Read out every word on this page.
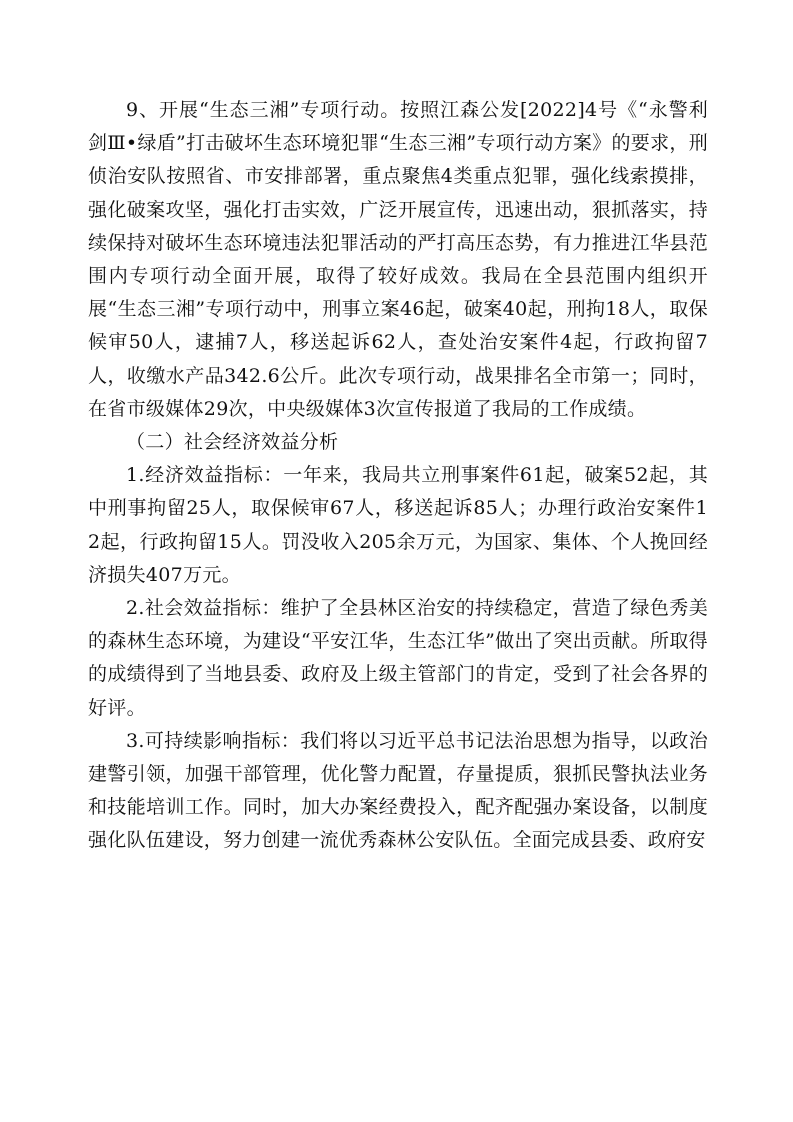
9、开展“生态三湘”专项行动。按照江森公发[2022]4号《“永警利剑Ⅲ•绿盾”打击破坏生态环境犯罪“生态三湘”专项行动方案》的要求，刑侦治安队按照省、市安排部署，重点聚焦4类重点犯罪，强化线索摸排，强化破案攻坚，强化打击实效，广泛开展宣传，迅速出动，狠抓落实，持续保持对破坏生态环境违法犯罪活动的严打高压态势，有力推进江华县范围内专项行动全面开展，取得了较好成效。我局在全县范围内组织开展“生态三湘”专项行动中，刑事立案46起，破案40起，刑拘18人，取保候审50人，逮捕7人，移送起诉62人，查处治安案件4起，行政拘留7人，收缴水产品342.6公斤。此次专项行动，战果排名全市第一；同时，在省市级媒体29次，中央级媒体3次宣传报道了我局的工作成绩。

（二）社会经济效益分析

1.经济效益指标：一年来，我局共立刑事案件61起，破案52起，其中刑事拘留25人，取保候审67人，移送起诉85人；办理行政治安案件12起，行政拘留15人。罚没收入205余万元，为国家、集体、个人挽回经济损失407万元。

2.社会效益指标：维护了全县林区治安的持续稳定，营造了绿色秀美的森林生态环境，为建设“平安江华，生态江华”做出了突出贡献。所取得的成绩得到了当地县委、政府及上级主管部门的肯定，受到了社会各界的好评。

3.可持续影响指标：我们将以习近平总书记法治思想为指导，以政治建警引领，加强干部管理，优化警力配置，存量提质，狠抓民警执法业务和技能培训工作。同时，加大办案经费投入，配齐配强办案设备，以制度强化队伍建设，努力创建一流优秀森林公安队伍。全面完成县委、政府安
